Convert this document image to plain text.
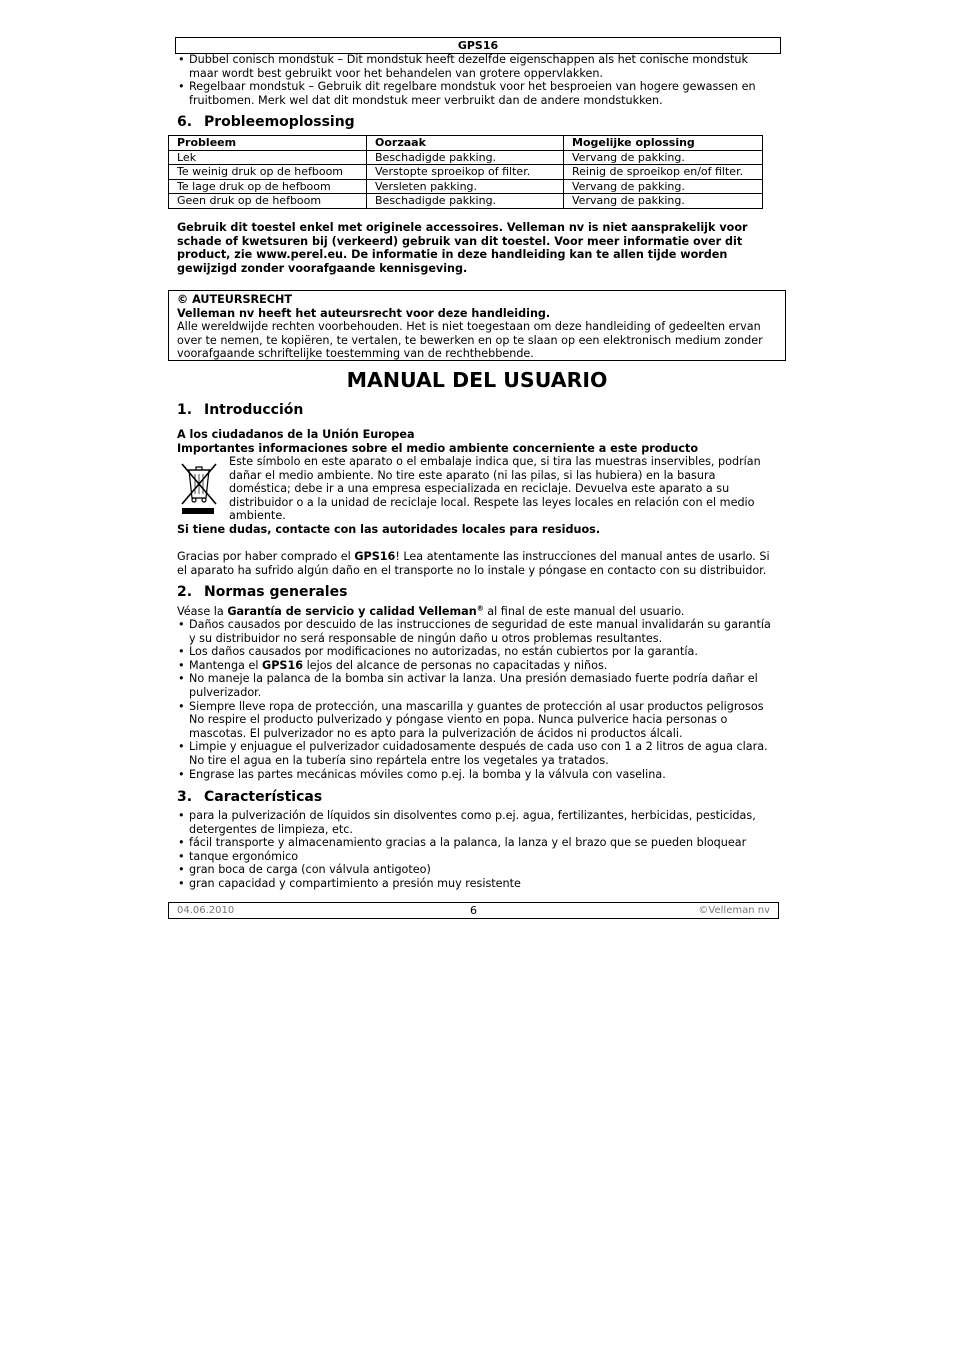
GPS16
• Dubbel conisch mondstuk – Dit mondstuk heeft dezelfde eigenschappen als het conische mondstuk
maar wordt best gebruikt voor het behandelen van grotere oppervlakken.
• Regelbaar mondstuk – Gebruik dit regelbare mondstuk voor het besproeien van hogere gewassen en
fruitbomen. Merk wel dat dit mondstuk meer verbruikt dan de andere mondstukken.
6. Probleemoplossing
Probleem	Oorzaak	Mogelijke oplossing
Lek	Beschadigde pakking.	Vervang de pakking.
Te weinig druk op de hefboom	Verstopte sproeikop of filter.	Reinig de sproeikop en/of filter.
Te lage druk op de hefboom	Versleten pakking.	Vervang de pakking.
Geen druk op de hefboom	Beschadigde pakking.	Vervang de pakking.
Gebruik dit toestel enkel met originele accessoires. Velleman nv is niet aansprakelijk voor
schade of kwetsuren bij (verkeerd) gebruik van dit toestel. Voor meer informatie over dit
product, zie www.perel.eu. De informatie in deze handleiding kan te allen tijde worden
gewijzigd zonder voorafgaande kennisgeving.
© AUTEURSRECHT
Velleman nv heeft het auteursrecht voor deze handleiding.
Alle wereldwijde rechten voorbehouden. Het is niet toegestaan om deze handleiding of gedeelten ervan
over te nemen, te kopiëren, te vertalen, te bewerken en op te slaan op een elektronisch medium zonder
voorafgaande schriftelijke toestemming van de rechthebbende.
MANUAL DEL USUARIO
1. Introducción
A los ciudadanos de la Unión Europea
Importantes informaciones sobre el medio ambiente concerniente a este producto
Este símbolo en este aparato o el embalaje indica que, si tira las muestras inservibles, podrían
dañar el medio ambiente. No tire este aparato (ni las pilas, si las hubiera) en la basura
doméstica; debe ir a una empresa especializada en reciclaje. Devuelva este aparato a su
distribuidor o a la unidad de reciclaje local. Respete las leyes locales en relación con el medio
ambiente.
Si tiene dudas, contacte con las autoridades locales para residuos.
Gracias por haber comprado el GPS16! Lea atentamente las instrucciones del manual antes de usarlo. Si
el aparato ha sufrido algún daño en el transporte no lo instale y póngase en contacto con su distribuidor.
2. Normas generales
Véase la Garantía de servicio y calidad Velleman® al final de este manual del usuario.
• Daños causados por descuido de las instrucciones de seguridad de este manual invalidarán su garantía
y su distribuidor no será responsable de ningún daño u otros problemas resultantes.
• Los daños causados por modificaciones no autorizadas, no están cubiertos por la garantía.
• Mantenga el GPS16 lejos del alcance de personas no capacitadas y niños.
• No maneje la palanca de la bomba sin activar la lanza. Una presión demasiado fuerte podría dañar el
pulverizador.
• Siempre lleve ropa de protección, una mascarilla y guantes de protección al usar productos peligrosos
No respire el producto pulverizado y póngase viento en popa. Nunca pulverice hacia personas o
mascotas. El pulverizador no es apto para la pulverización de ácidos ni productos álcali.
• Limpie y enjuague el pulverizador cuidadosamente después de cada uso con 1 a 2 litros de agua clara.
No tire el agua en la tubería sino repártela entre los vegetales ya tratados.
• Engrase las partes mecánicas móviles como p.ej. la bomba y la válvula con vaselina.
3. Características
• para la pulverización de líquidos sin disolventes como p.ej. agua, fertilizantes, herbicidas, pesticidas,
detergentes de limpieza, etc.
• fácil transporte y almacenamiento gracias a la palanca, la lanza y el brazo que se pueden bloquear
• tanque ergonómico
• gran boca de carga (con válvula antigoteo)
• gran capacidad y compartimiento a presión muy resistente
04.06.2010	6	©Velleman nv
